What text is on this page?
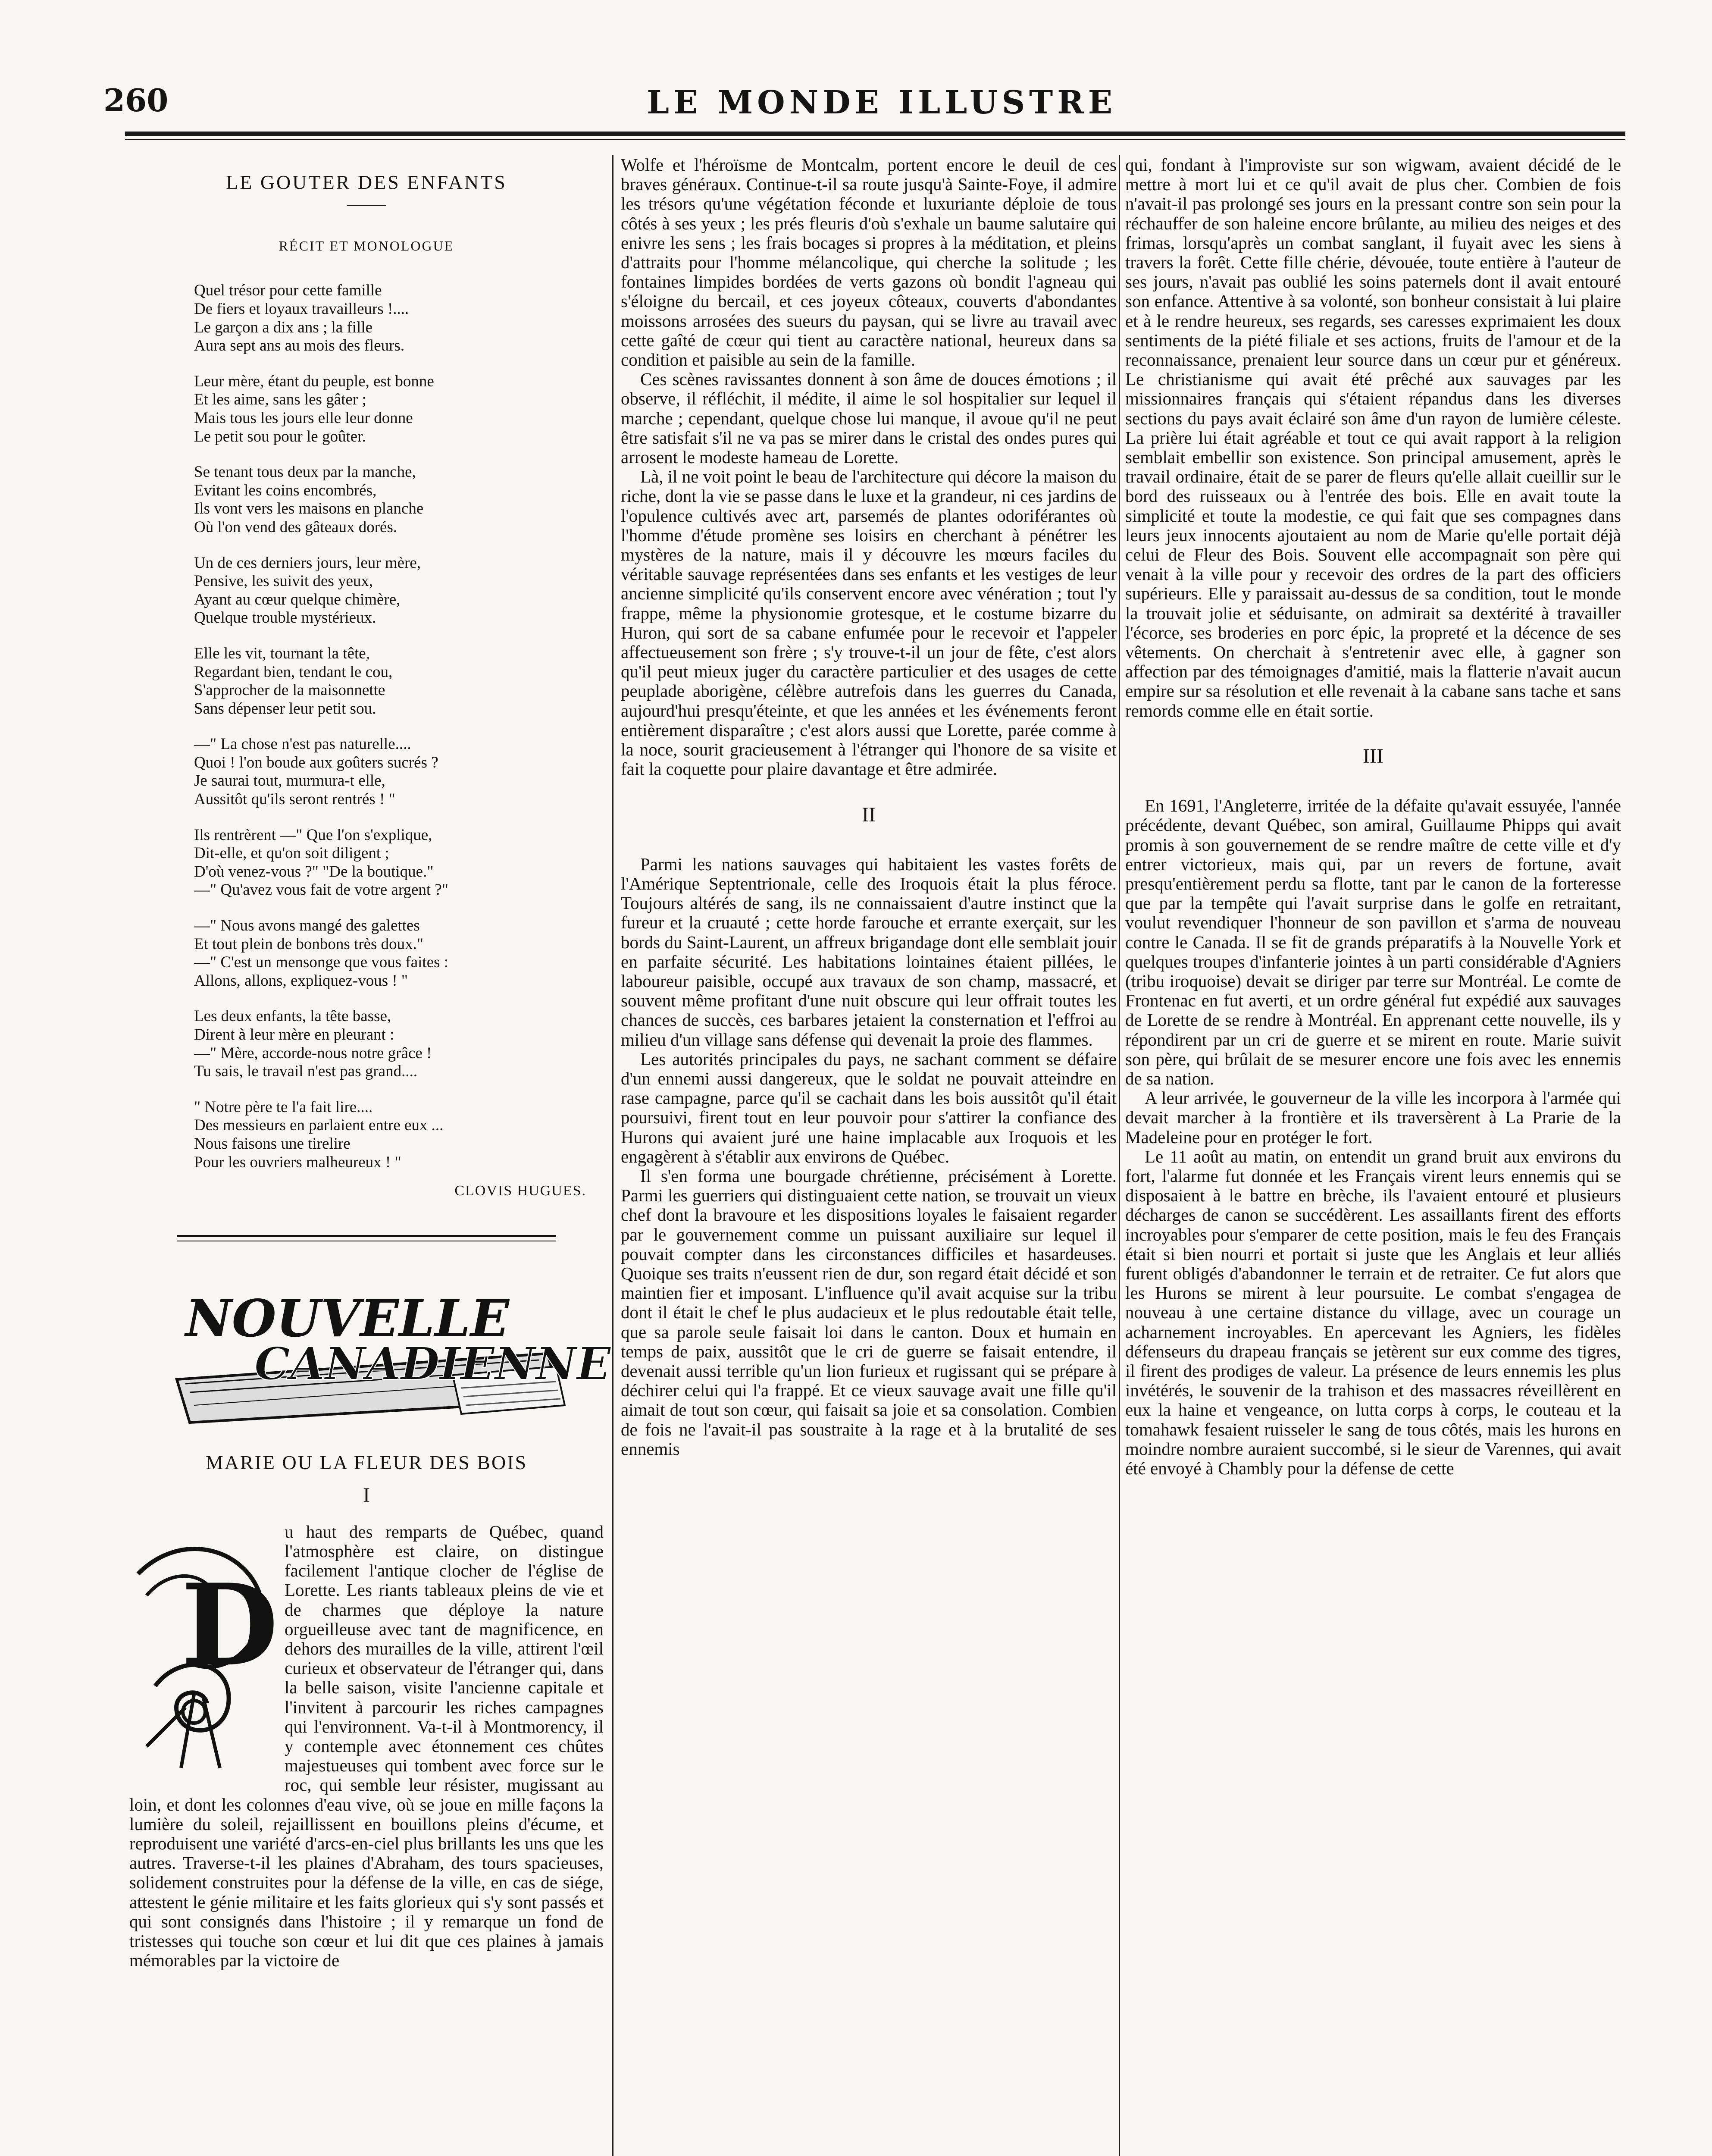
260	LE MONDE ILLUSTRE
LE GOUTER DES ENFANTS
RÉCIT ET MONOLOGUE
Quel trésor pour cette famille
De fiers et loyaux travailleurs !....
Le garçon a dix ans ; la fille
Aura sept ans au mois des fleurs.
Leur mère, étant du peuple, est bonne
Et les aime, sans les gâter ;
Mais tous les jours elle leur donne
Le petit sou pour le goûter.
Se tenant tous deux par la manche,
Evitant les coins encombrés,
Ils vont vers les maisons en planche
Où l'on vend des gâteaux dorés.
Un de ces derniers jours, leur mère,
Pensive, les suivit des yeux,
Ayant au cœur quelque chimère,
Quelque trouble mystérieux.
Elle les vit, tournant la tête,
Regardant bien, tendant le cou,
S'approcher de la maisonnette
Sans dépenser leur petit sou.
—" La chose n'est pas naturelle....
Quoi ! l'on boude aux goûters sucrés ?
Je saurai tout, murmura-t elle,
Aussitôt qu'ils seront rentrés ! "
Ils rentrèrent —" Que l'on s'explique,
Dit-elle, et qu'on soit diligent ;
D'où venez-vous ?" "De la boutique."
—" Qu'avez vous fait de votre argent ?"
—" Nous avons mangé des galettes
Et tout plein de bonbons très doux."
—" C'est un mensonge que vous faites :
Allons, allons, expliquez-vous ! "
Les deux enfants, la tête basse,
Dirent à leur mère en pleurant :
—" Mère, accorde-nous notre grâce !
Tu sais, le travail n'est pas grand....
" Notre père te l'a fait lire....
Des messieurs en parlaient entre eux ...
Nous faisons une tirelire
Pour les ouvriers malheureux ! "
CLOVIS HUGUES.
NOUVELLE
CANADIENNE
MARIE OU LA FLEUR DES BOIS
I

D
u haut des remparts de Québec, quand l'atmosphère est claire, on distingue facilement l'antique clocher de l'église de Lorette. Les riants tableaux pleins de vie et de charmes que déploye la nature orgueilleuse avec tant de magnificence, en dehors des murailles de la ville, attirent l'œil curieux et observateur de l'étranger qui, dans la belle saison, visite l'ancienne capitale et l'invitent à parcourir les riches campagnes qui l'environnent. Va-t-il à Montmorency, il y contemple avec étonnement ces chûtes majestueuses qui tombent avec force sur le roc, qui semble leur résister, mugissant au loin, et dont les colonnes d'eau vive, où se joue en mille façons la lumière du soleil, rejaillissent en bouillons pleins d'écume, et reproduisent une variété d'arcs-en-ciel plus brillants les uns que les autres. Traverse-t-il les plaines d'Abraham, des tours spacieuses, solidement construites pour la défense de la ville, en cas de siége, attestent le génie militaire et les faits glorieux qui s'y sont passés et qui sont consignés dans l'histoire ; il y remarque un fond de tristesses qui touche son cœur et lui dit que ces plaines à jamais mémorables par la victoire de

Wolfe et l'héroïsme de Montcalm, portent encore le deuil de ces braves généraux. Continue-t-il sa route jusqu'à Sainte-Foye, il admire les trésors qu'une végétation féconde et luxuriante déploie de tous côtés à ses yeux ; les prés fleuris d'où s'exhale un baume salutaire qui enivre les sens ; les frais bocages si propres à la méditation, et pleins d'attraits pour l'homme mélancolique, qui cherche la solitude ; les fontaines limpides bordées de verts gazons où bondit l'agneau qui s'éloigne du bercail, et ces joyeux côteaux, couverts d'abondantes moissons arrosées des sueurs du paysan, qui se livre au travail avec cette gaîté de cœur qui tient au caractère national, heureux dans sa condition et paisible au sein de la famille.

Ces scènes ravissantes donnent à son âme de douces émotions ; il observe, il réfléchit, il médite, il aime le sol hospitalier sur lequel il marche ; cependant, quelque chose lui manque, il avoue qu'il ne peut être satisfait s'il ne va pas se mirer dans le cristal des ondes pures qui arrosent le modeste hameau de Lorette.

Là, il ne voit point le beau de l'architecture qui décore la maison du riche, dont la vie se passe dans le luxe et la grandeur, ni ces jardins de l'opulence cultivés avec art, parsemés de plantes odoriférantes où l'homme d'étude promène ses loisirs en cherchant à pénétrer les mystères de la nature, mais il y découvre les mœurs faciles du véritable sauvage représentées dans ses enfants et les vestiges de leur ancienne simplicité qu'ils conservent encore avec vénération ; tout l'y frappe, même la physionomie grotesque, et le costume bizarre du Huron, qui sort de sa cabane enfumée pour le recevoir et l'appeler affectueusement son frère ; s'y trouve-t-il un jour de fête, c'est alors qu'il peut mieux juger du caractère particulier et des usages de cette peuplade aborigène, célèbre autrefois dans les guerres du Canada, aujourd'hui presqu'éteinte, et que les années et les événements feront entièrement disparaître ; c'est alors aussi que Lorette, parée comme à la noce, sourit gracieusement à l'étranger qui l'honore de sa visite et fait la coquette pour plaire davantage et être admirée.

II

Parmi les nations sauvages qui habitaient les vastes forêts de l'Amérique Septentrionale, celle des Iroquois était la plus féroce. Toujours altérés de sang, ils ne connaissaient d'autre instinct que la fureur et la cruauté ; cette horde farouche et errante exerçait, sur les bords du Saint-Laurent, un affreux brigandage dont elle semblait jouir en parfaite sécurité. Les habitations lointaines étaient pillées, le laboureur paisible, occupé aux travaux de son champ, massacré, et souvent même profitant d'une nuit obscure qui leur offrait toutes les chances de succès, ces barbares jetaient la consternation et l'effroi au milieu d'un village sans défense qui devenait la proie des flammes.

Les autorités principales du pays, ne sachant comment se défaire d'un ennemi aussi dangereux, que le soldat ne pouvait atteindre en rase campagne, parce qu'il se cachait dans les bois aussitôt qu'il était poursuivi, firent tout en leur pouvoir pour s'attirer la confiance des Hurons qui avaient juré une haine implacable aux Iroquois et les engagèrent à s'établir aux environs de Québec.

Il s'en forma une bourgade chrétienne, précisément à Lorette. Parmi les guerriers qui distinguaient cette nation, se trouvait un vieux chef dont la bravoure et les dispositions loyales le faisaient regarder par le gouvernement comme un puissant auxiliaire sur lequel il pouvait compter dans les circonstances difficiles et hasardeuses. Quoique ses traits n'eussent rien de dur, son regard était décidé et son maintien fier et imposant. L'influence qu'il avait acquise sur la tribu dont il était le chef le plus audacieux et le plus redoutable était telle, que sa parole seule faisait loi dans le canton. Doux et humain en temps de paix, aussitôt que le cri de guerre se faisait entendre, il devenait aussi terrible qu'un lion furieux et rugissant qui se prépare à déchirer celui qui l'a frappé. Et ce vieux sauvage avait une fille qu'il aimait de tout son cœur, qui faisait sa joie et sa consolation. Combien de fois ne l'avait-il pas soustraite à la rage et à la brutalité de ses ennemis

qui, fondant à l'improviste sur son wigwam, avaient décidé de le mettre à mort lui et ce qu'il avait de plus cher. Combien de fois n'avait-il pas prolongé ses jours en la pressant contre son sein pour la réchauffer de son haleine encore brûlante, au milieu des neiges et des frimas, lorsqu'après un combat sanglant, il fuyait avec les siens à travers la forêt. Cette fille chérie, dévouée, toute entière à l'auteur de ses jours, n'avait pas oublié les soins paternels dont il avait entouré son enfance. Attentive à sa volonté, son bonheur consistait à lui plaire et à le rendre heureux, ses regards, ses caresses exprimaient les doux sentiments de la piété filiale et ses actions, fruits de l'amour et de la reconnaissance, prenaient leur source dans un cœur pur et généreux. Le christianisme qui avait été prêché aux sauvages par les missionnaires français qui s'étaient répandus dans les diverses sections du pays avait éclairé son âme d'un rayon de lumière céleste. La prière lui était agréable et tout ce qui avait rapport à la religion semblait embellir son existence. Son principal amusement, après le travail ordinaire, était de se parer de fleurs qu'elle allait cueillir sur le bord des ruisseaux ou à l'entrée des bois. Elle en avait toute la simplicité et toute la modestie, ce qui fait que ses compagnes dans leurs jeux innocents ajoutaient au nom de Marie qu'elle portait déjà celui de Fleur des Bois. Souvent elle accompagnait son père qui venait à la ville pour y recevoir des ordres de la part des officiers supérieurs. Elle y paraissait au-dessus de sa condition, tout le monde la trouvait jolie et séduisante, on admirait sa dextérité à travailler l'écorce, ses broderies en porc épic, la propreté et la décence de ses vêtements. On cherchait à s'entretenir avec elle, à gagner son affection par des témoignages d'amitié, mais la flatterie n'avait aucun empire sur sa résolution et elle revenait à la cabane sans tache et sans remords comme elle en était sortie.

III

En 1691, l'Angleterre, irritée de la défaite qu'avait essuyée, l'année précédente, devant Québec, son amiral, Guillaume Phipps qui avait promis à son gouvernement de se rendre maître de cette ville et d'y entrer victorieux, mais qui, par un revers de fortune, avait presqu'entièrement perdu sa flotte, tant par le canon de la forteresse que par la tempête qui l'avait surprise dans le golfe en retraitant, voulut revendiquer l'honneur de son pavillon et s'arma de nouveau contre le Canada. Il se fit de grands préparatifs à la Nouvelle York et quelques troupes d'infanterie jointes à un parti considérable d'Agniers (tribu iroquoise) devait se diriger par terre sur Montréal. Le comte de Frontenac en fut averti, et un ordre général fut expédié aux sauvages de Lorette de se rendre à Montréal. En apprenant cette nouvelle, ils y répondirent par un cri de guerre et se mirent en route. Marie suivit son père, qui brûlait de se mesurer encore une fois avec les ennemis de sa nation.

A leur arrivée, le gouverneur de la ville les incorpora à l'armée qui devait marcher à la frontière et ils traversèrent à La Prarie de la Madeleine pour en protéger le fort.

Le 11 août au matin, on entendit un grand bruit aux environs du fort, l'alarme fut donnée et les Français virent leurs ennemis qui se disposaient à le battre en brèche, ils l'avaient entouré et plusieurs décharges de canon se succédèrent. Les assaillants firent des efforts incroyables pour s'emparer de cette position, mais le feu des Français était si bien nourri et portait si juste que les Anglais et leur alliés furent obligés d'abandonner le terrain et de retraiter. Ce fut alors que les Hurons se mirent à leur poursuite. Le combat s'engagea de nouveau à une certaine distance du village, avec un courage un acharnement incroyables. En apercevant les Agniers, les fidèles défenseurs du drapeau français se jetèrent sur eux comme des tigres, il firent des prodiges de valeur. La présence de leurs ennemis les plus invétérés, le souvenir de la trahison et des massacres réveillèrent en eux la haine et vengeance, on lutta corps à corps, le couteau et la tomahawk fesaient ruisseler le sang de tous côtés, mais les hurons en moindre nombre auraient succombé, si le sieur de Varennes, qui avait été envoyé à Chambly pour la défense de cette
